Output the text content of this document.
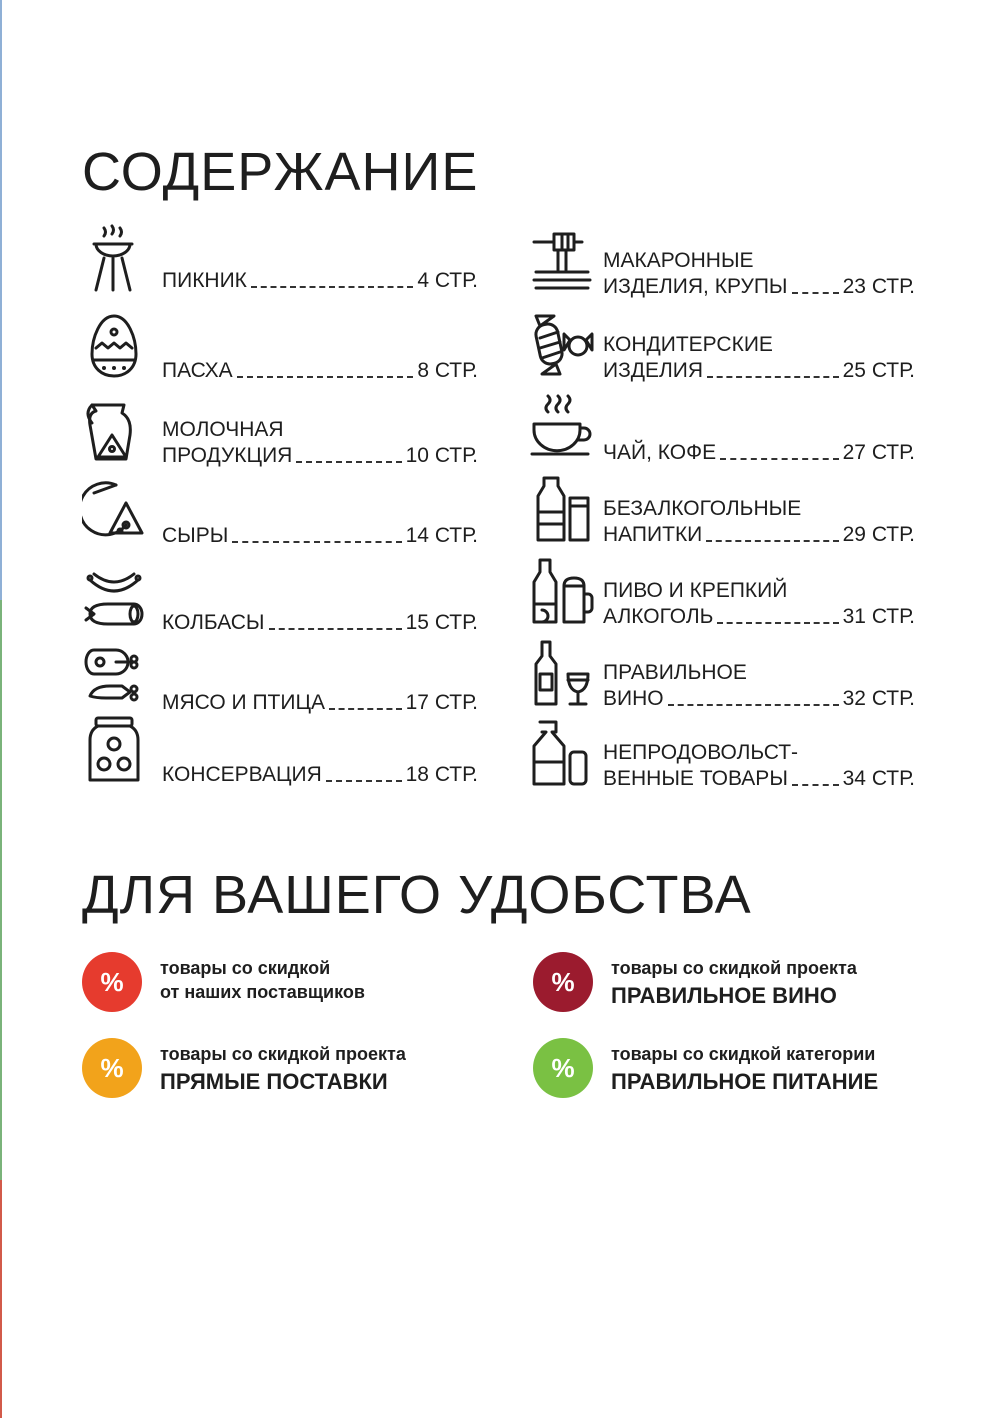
СОДЕРЖАНИЕ
ПИКНИК	4 СТР.
ПАСХА	8 СТР.
МОЛОЧНАЯ
ПРОДУКЦИЯ	10 СТР.
СЫРЫ	14 СТР.
КОЛБАСЫ	15 СТР.
МЯСО И ПТИЦА	17 СТР.
КОНСЕРВАЦИЯ	18 СТР.
МАКАРОННЫЕ
ИЗДЕЛИЯ, КРУПЫ	23 СТР.
КОНДИТЕРСКИЕ
ИЗДЕЛИЯ	25 СТР.
ЧАЙ, КОФЕ	27 СТР.
БЕЗАЛКОГОЛЬНЫЕ
НАПИТКИ	29 СТР.
ПИВО И КРЕПКИЙ
АЛКОГОЛЬ	31 СТР.
ПРАВИЛЬНОЕ
ВИНО	32 СТР.
НЕПРОДОВОЛЬСТ-
ВЕННЫЕ ТОВАРЫ	34 СТР.
ДЛЯ ВАШЕГО УДОБСТВА
%	товары со скидкой
от наших поставщиков	%	товары со скидкой проекта
ПРАВИЛЬНОЕ ВИНО
%	товары со скидкой проекта
ПРЯМЫЕ ПОСТАВКИ	%	товары со скидкой категории
ПРАВИЛЬНОЕ ПИТАНИЕ
